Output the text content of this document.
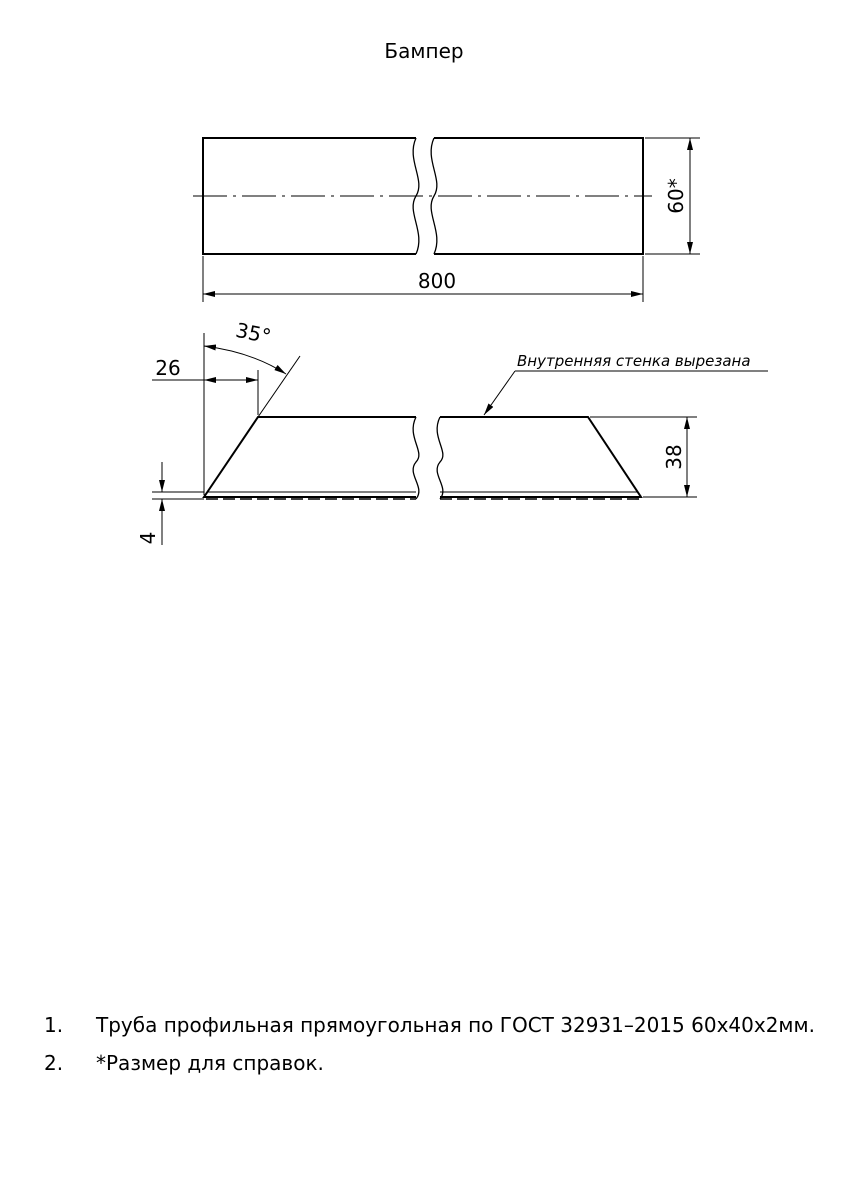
Бампер
800
60*
35°
26	Внутренняя стенка вырезана
38
4
1. Труба профильная прямоугольная по ГОСТ 32931–2015 60х40х2мм.
2. *Размер для справок.
